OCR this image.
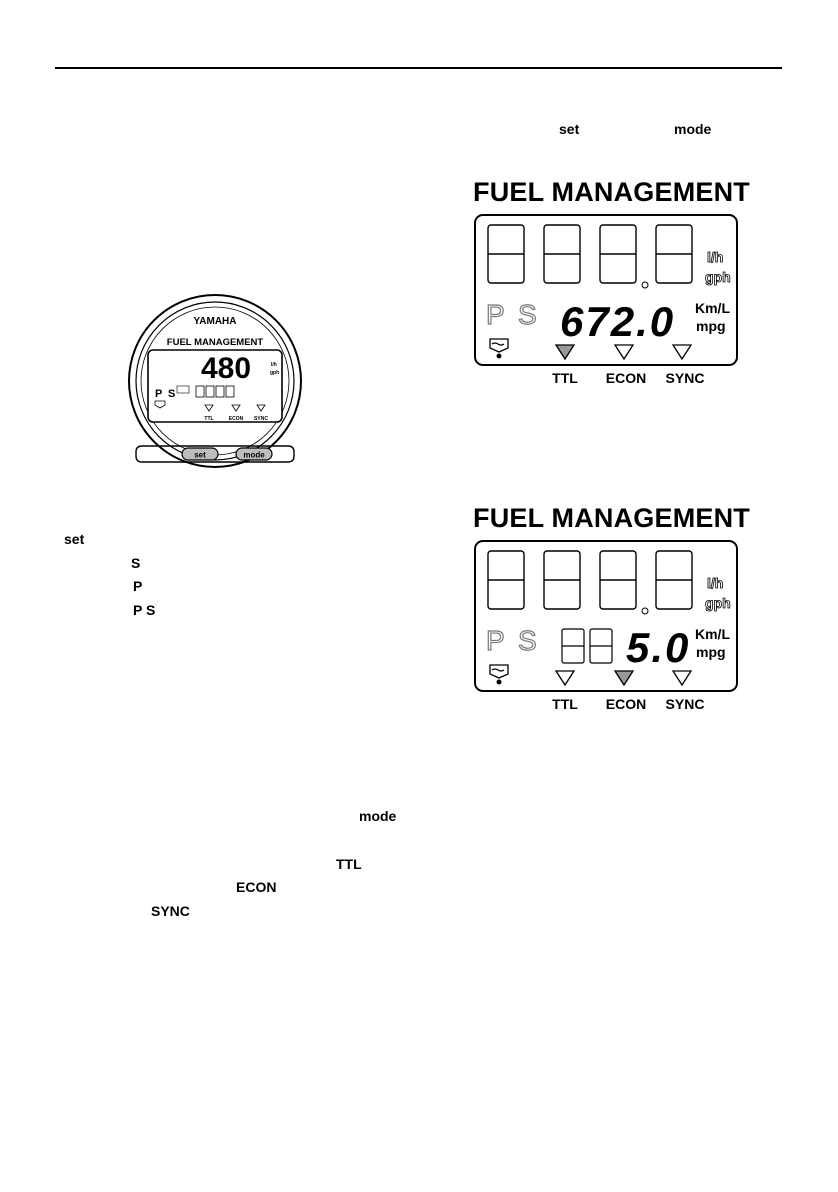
set	mode
YAMAHA
FUEL MANAGEMENT
480	l/h
gph
P S
TTL	ECON SYNC
set	mode
FUEL MANAGEMENT
l/h
gph
P S 672.0 Km/L
mpg
TTL ECON SYNC
FUEL MANAGEMENT
l/h
gph
P S 5.0 Km/L
mpg
TTL ECON SYNC
set
S
P
P S
mode
TTL
ECON
SYNC
